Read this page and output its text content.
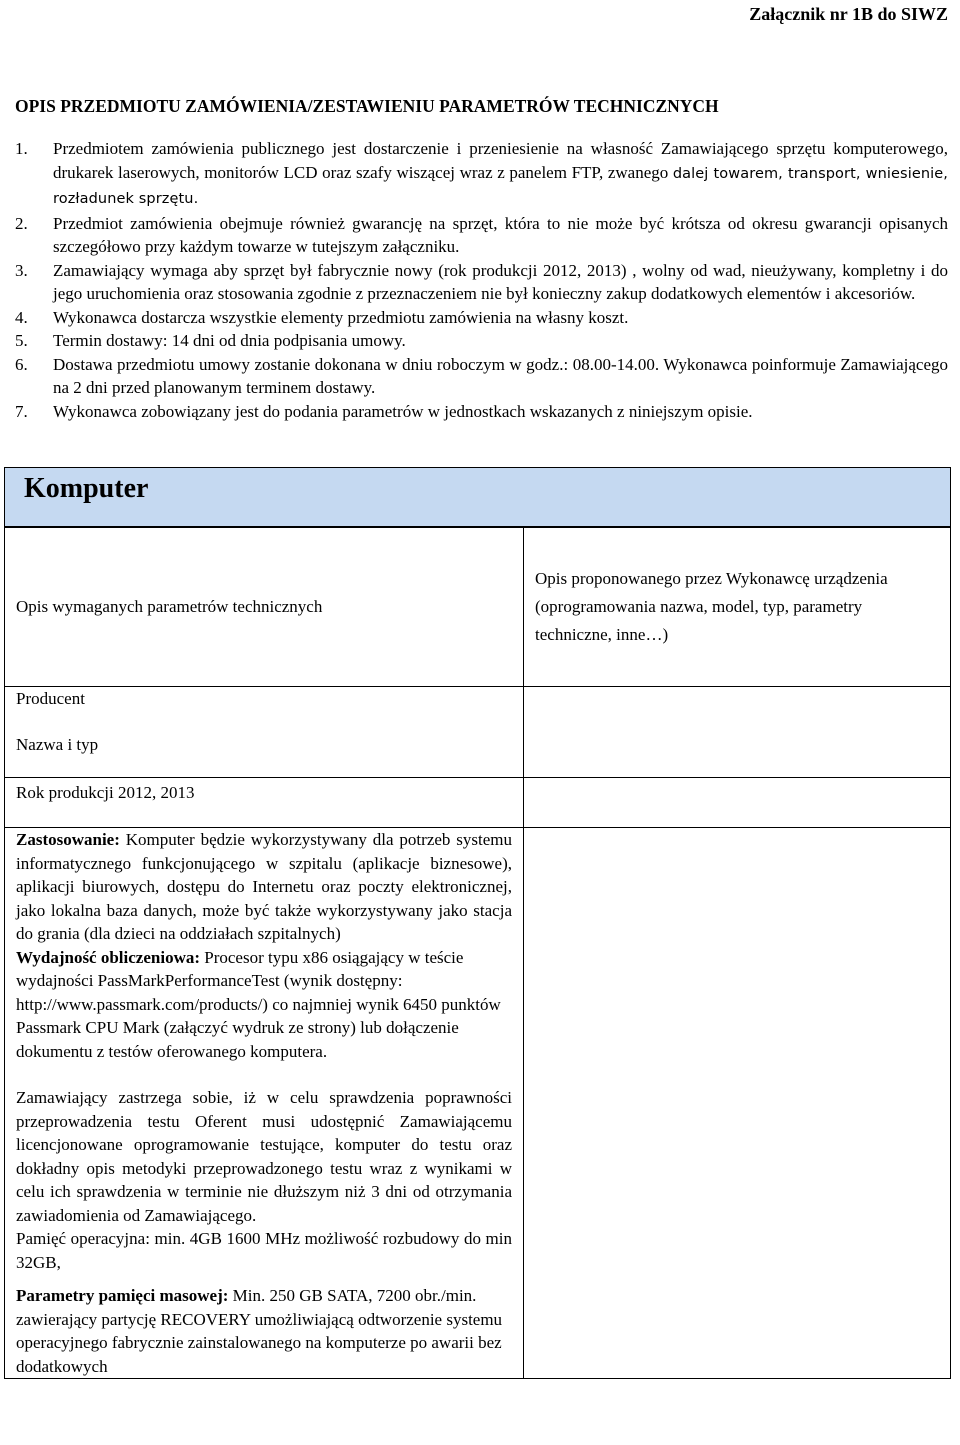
Załącznik nr 1B do SIWZ
OPIS PRZEDMIOTU ZAMÓWIENIA/ZESTAWIENIU PARAMETRÓW TECHNICZNYCH
1. Przedmiotem zamówienia publicznego jest dostarczenie i przeniesienie na własność Zamawiającego sprzętu komputerowego, drukarek laserowych, monitorów LCD oraz szafy wiszącej wraz z panelem FTP, zwanego dalej towarem, transport, wniesienie, rozładunek sprzętu.
2. Przedmiot zamówienia obejmuje również gwarancję na sprzęt, która to nie może być krótsza od okresu gwarancji opisanych szczegółowo przy każdym towarze w tutejszym załączniku.
3. Zamawiający wymaga aby sprzęt był fabrycznie nowy (rok produkcji 2012, 2013) , wolny od wad, nieużywany, kompletny i do jego uruchomienia oraz stosowania zgodnie z przeznaczeniem nie był konieczny zakup dodatkowych elementów i akcesoriów.
4. Wykonawca dostarcza wszystkie elementy przedmiotu zamówienia na własny koszt.
5. Termin dostawy: 14 dni od dnia podpisania umowy.
6. Dostawa przedmiotu umowy zostanie dokonana w dniu roboczym w godz.: 08.00-14.00. Wykonawca poinformuje Zamawiającego na 2 dni przed planowanym terminem dostawy.
7. Wykonawca zobowiązany jest do podania parametrów w jednostkach wskazanych z niniejszym opisie.
Komputer
Opis wymaganych parametrów technicznych	Opis proponowanego przez Wykonawcę urządzenia (oprogramowania nazwa, model, typ, parametry techniczne, inne…)

Producent
Nazwa i typ	

Rok produkcji 2012, 2013	

Zastosowanie: Komputer będzie wykorzystywany dla potrzeb systemu informatycznego funkcjonującego w szpitalu (aplikacje biznesowe), aplikacji biurowych, dostępu do Internetu oraz poczty elektronicznej, jako lokalna baza danych, może być także wykorzystywany jako stacja do grania (dla dzieci na oddziałach szpitalnych)
Wydajność obliczeniowa: Procesor typu x86 osiągający w teście wydajności PassMarkPerformanceTest (wynik dostępny: http://www.passmark.com/products/) co najmniej wynik 6450 punktów Passmark CPU Mark (załączyć wydruk ze strony) lub dołączenie dokumentu z testów oferowanego komputera.
Zamawiający zastrzega sobie, iż w celu sprawdzenia poprawności przeprowadzenia testu Oferent musi udostępnić Zamawiającemu licencjonowane oprogramowanie testujące, komputer do testu oraz dokładny opis metodyki przeprowadzonego testu wraz z wynikami w celu ich sprawdzenia w terminie nie dłuższym niż 3 dni od otrzymania zawiadomienia od Zamawiającego.
Pamięć operacyjna: min. 4GB 1600 MHz możliwość rozbudowy do min 32GB,
Parametry pamięci masowej: Min. 250 GB SATA, 7200 obr./min. zawierający partycję RECOVERY umożliwiającą odtworzenie systemu operacyjnego fabrycznie zainstalowanego na komputerze po awarii bez dodatkowych	
